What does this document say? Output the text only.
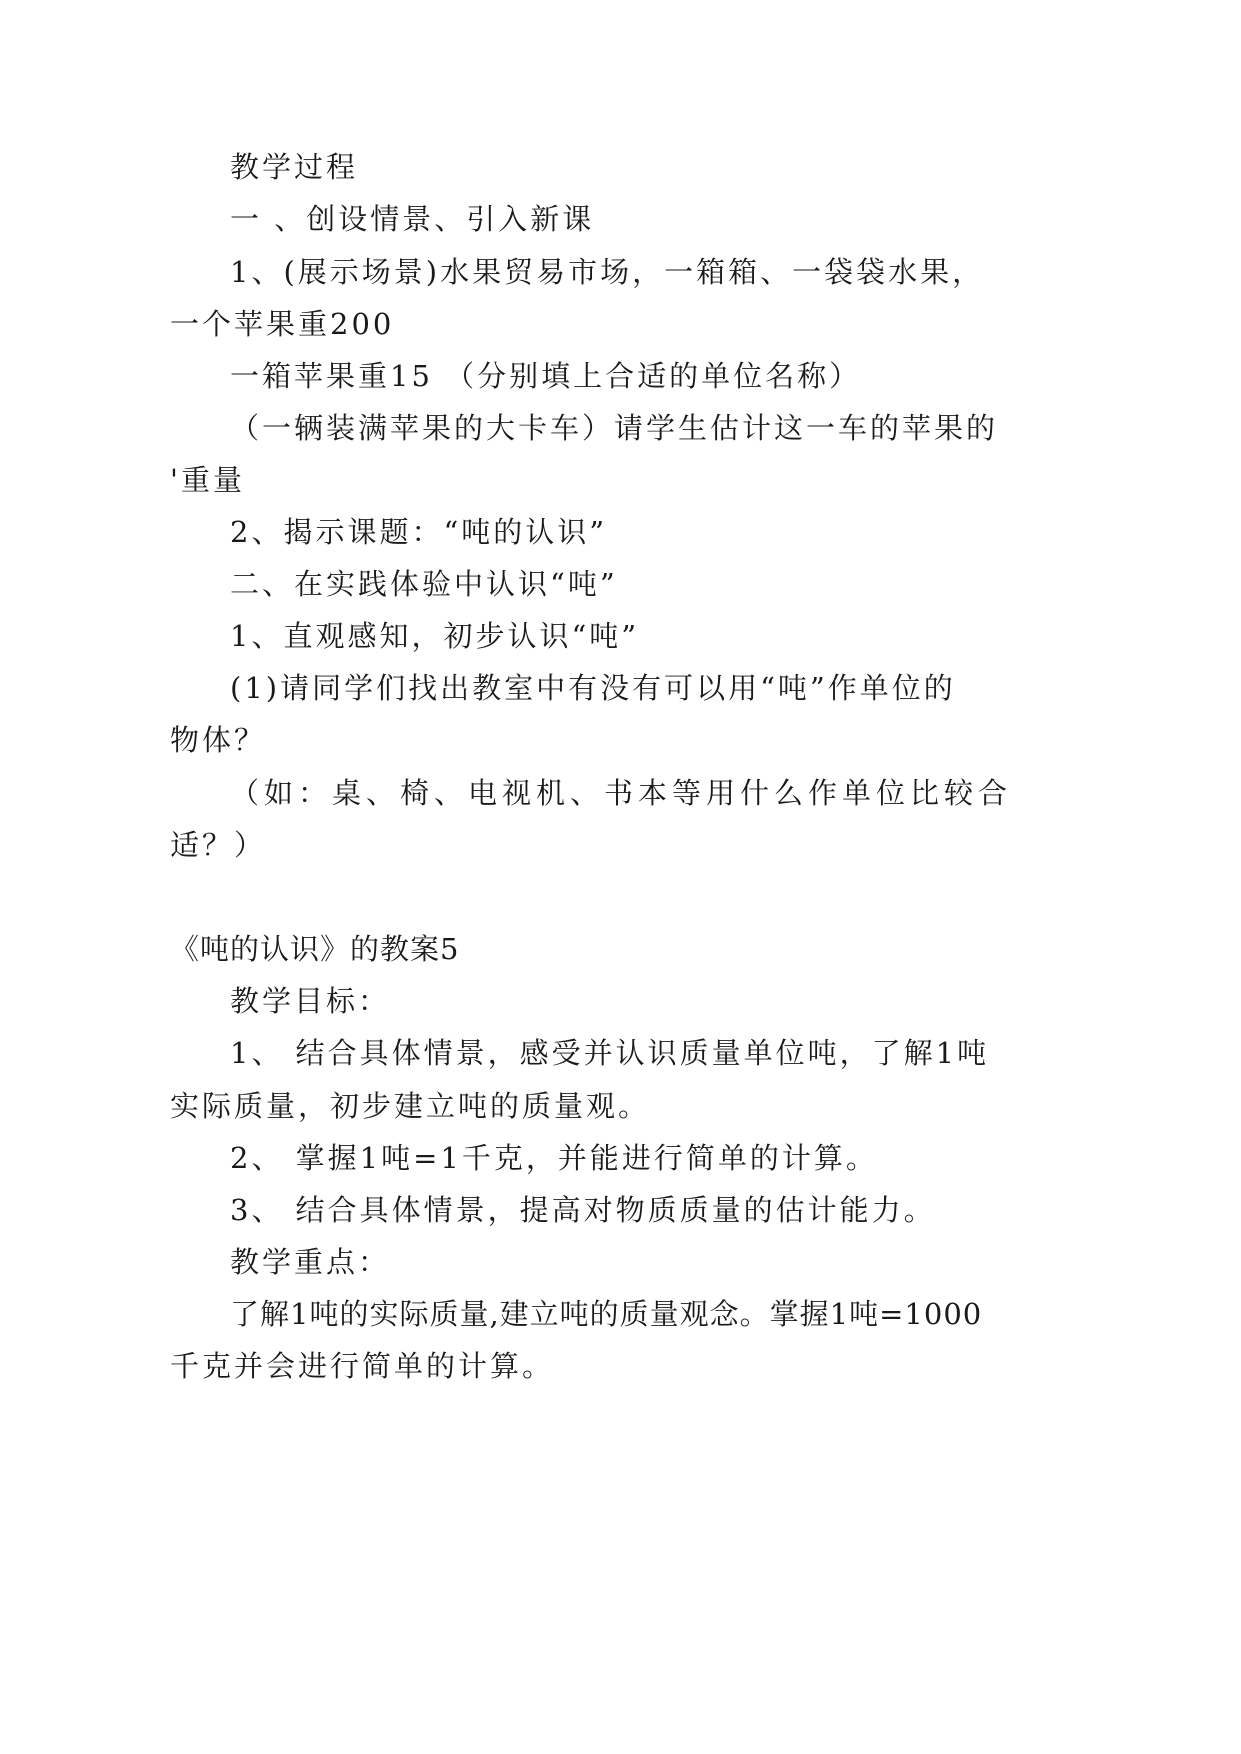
教学过程
一 、创设情景、引入新课
1、(展示场景)水果贸易市场，一箱箱、一袋袋水果，
一个苹果重200
一箱苹果重15 （分别填上合适的单位名称）
（一辆装满苹果的大卡车）请学生估计这一车的苹果的
'重量
2、揭示课题：“吨的认识”
二、在实践体验中认识“吨”
1、直观感知，初步认识“吨”
(1)请同学们找出教室中有没有可以用“吨”作单位的
物体？
（如：桌、椅、电视机、书本等用什么作单位比较合
适？）
《吨的认识》的教案5
教学目标：
1、 结合具体情景，感受并认识质量单位吨，了解1吨
实际质量，初步建立吨的质量观。
2、 掌握1吨=1千克，并能进行简单的计算。
3、 结合具体情景，提高对物质质量的估计能力。
教学重点：
了解1吨的实际质量,建立吨的质量观念。掌握1吨=1000
千克并会进行简单的计算。
